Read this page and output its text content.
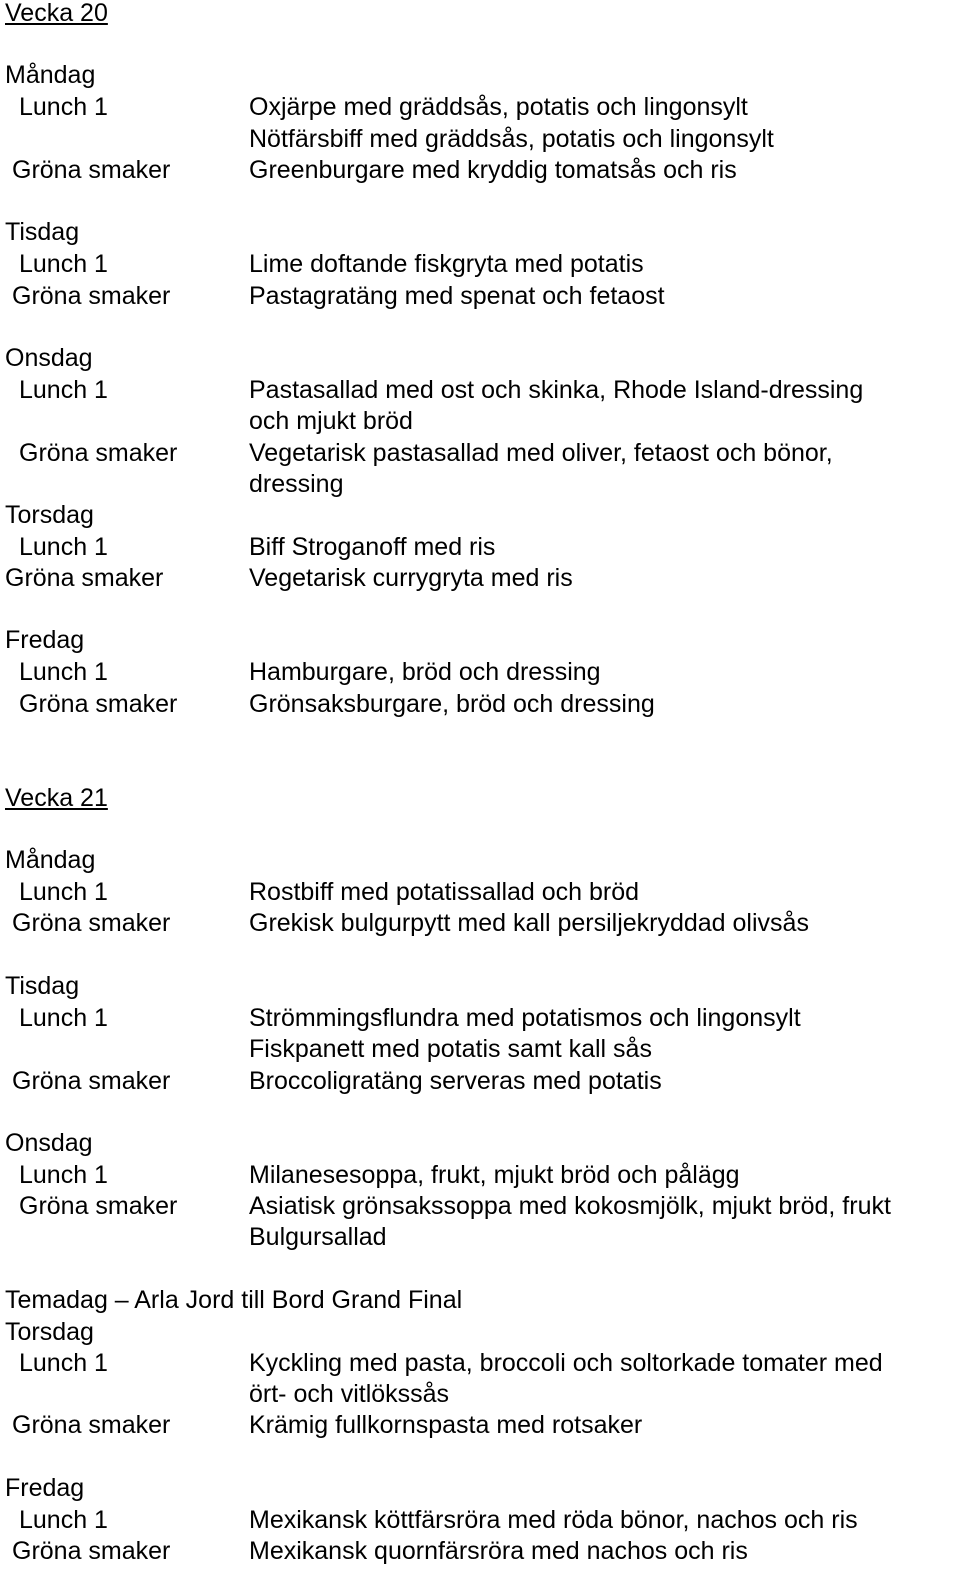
Vecka 20
Måndag
Lunch 1	Oxjärpe med gräddsås, potatis och lingonsylt
Nötfärsbiff med gräddsås, potatis och lingonsylt
Gröna smaker	Greenburgare med kryddig tomatsås och ris
Tisdag
Lunch 1	Lime doftande fiskgryta med potatis
Gröna smaker	Pastagratäng med spenat och fetaost
Onsdag
Lunch 1	Pastasallad med ost och skinka, Rhode Island-dressing
och mjukt bröd
Gröna smaker	Vegetarisk pastasallad med oliver, fetaost och bönor,
dressing
Torsdag
Lunch 1	Biff Stroganoff med ris
Gröna smaker	Vegetarisk currygryta med ris
Fredag
Lunch 1	Hamburgare, bröd och dressing
Gröna smaker	Grönsaksburgare, bröd och dressing
Vecka 21
Måndag
Lunch 1	Rostbiff med potatissallad och bröd
Gröna smaker	Grekisk bulgurpytt med kall persiljekryddad olivsås
Tisdag
Lunch 1	Strömmingsflundra med potatismos och lingonsylt
Fiskpanett med potatis samt kall sås
Gröna smaker	Broccoligratäng serveras med potatis
Onsdag
Lunch 1	Milanesesoppa, frukt, mjukt bröd och pålägg
Gröna smaker	Asiatisk grönsakssoppa med kokosmjölk, mjukt bröd, frukt
Bulgursallad
Temadag – Arla Jord till Bord Grand Final
Torsdag
Lunch 1	Kyckling med pasta, broccoli och soltorkade tomater med
ört- och vitlökssås
Gröna smaker	Krämig fullkornspasta med rotsaker
Fredag
Lunch 1	Mexikansk köttfärsröra med röda bönor, nachos och ris
Gröna smaker	Mexikansk quornfärsröra med nachos och ris
